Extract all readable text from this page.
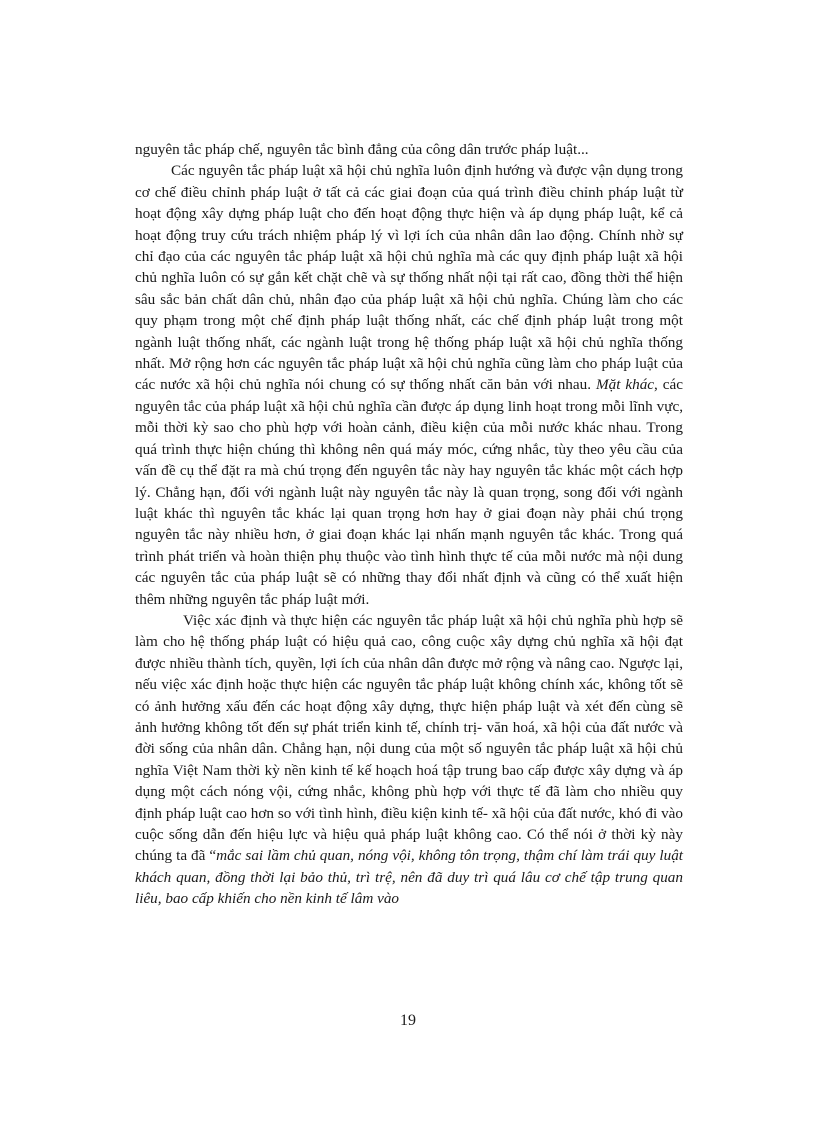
nguyên tắc pháp chế, nguyên tắc bình đẳng của công dân trước pháp luật...

Các nguyên tắc pháp luật xã hội chủ nghĩa luôn định hướng và được vận dụng trong cơ chế điều chỉnh pháp luật ở tất cả các giai đoạn của quá trình điều chỉnh pháp luật từ hoạt động xây dựng pháp luật cho đến hoạt động thực hiện và áp dụng pháp luật, kể cả hoạt động truy cứu trách nhiệm pháp lý vì lợi ích của nhân dân lao động. Chính nhờ sự chỉ đạo của các nguyên tắc pháp luật xã hội chủ nghĩa mà các quy định pháp luật xã hội chủ nghĩa luôn có sự gắn kết chặt chẽ và sự thống nhất nội tại rất cao, đồng thời thể hiện sâu sắc bản chất dân chủ, nhân đạo của pháp luật xã hội chủ nghĩa. Chúng làm cho các quy phạm trong một chế định pháp luật thống nhất, các chế định pháp luật trong một ngành luật thống nhất, các ngành luật trong hệ thống pháp luật xã hội chủ nghĩa thống nhất. Mở rộng hơn các nguyên tắc pháp luật xã hội chủ nghĩa cũng làm cho pháp luật của các nước xã hội chủ nghĩa nói chung có sự thống nhất căn bản với nhau. Mặt khác, các nguyên tắc của pháp luật xã hội chủ nghĩa cần được áp dụng linh hoạt trong mỗi lĩnh vực, mỗi thời kỳ sao cho phù hợp với hoàn cảnh, điều kiện của mỗi nước khác nhau. Trong quá trình thực hiện chúng thì không nên quá máy móc, cứng nhắc, tùy theo yêu cầu của vấn đề cụ thể đặt ra mà chú trọng đến nguyên tắc này hay nguyên tắc khác một cách hợp lý. Chẳng hạn, đối với ngành luật này nguyên tắc này là quan trọng, song đối với ngành luật khác thì nguyên tắc khác lại quan trọng hơn hay ở giai đoạn này phải chú trọng nguyên tắc này nhiều hơn, ở giai đoạn khác lại nhấn mạnh nguyên tắc khác. Trong quá trình phát triển và hoàn thiện phụ thuộc vào tình hình thực tế của mỗi nước mà nội dung các nguyên tắc của pháp luật sẽ có những thay đổi nhất định và cũng có thể xuất hiện thêm những nguyên tắc pháp luật mới.

Việc xác định và thực hiện các nguyên tắc pháp luật xã hội chủ nghĩa phù hợp sẽ làm cho hệ thống pháp luật có hiệu quả cao, công cuộc xây dựng chủ nghĩa xã hội đạt được nhiều thành tích, quyền, lợi ích của nhân dân được mở rộng và nâng cao. Ngược lại, nếu việc xác định hoặc thực hiện các nguyên tắc pháp luật không chính xác, không tốt sẽ có ảnh hưởng xấu đến các hoạt động xây dựng, thực hiện pháp luật và xét đến cùng sẽ ảnh hưởng không tốt đến sự phát triển kinh tế, chính trị- văn hoá, xã hội của đất nước và đời sống của nhân dân. Chẳng hạn, nội dung của một số nguyên tắc pháp luật xã hội chủ nghĩa Việt Nam thời kỳ nền kinh tế kế hoạch hoá tập trung bao cấp được xây dựng và áp dụng một cách nóng vội, cứng nhắc, không phù hợp với thực tế đã làm cho nhiều quy định pháp luật cao hơn so với tình hình, điều kiện kinh tế- xã hội của đất nước, khó đi vào cuộc sống dẫn đến hiệu lực và hiệu quả pháp luật không cao. Có thể nói ở thời kỳ này chúng ta đã “mắc sai lầm chủ quan, nóng vội, không tôn trọng, thậm chí làm trái quy luật khách quan, đồng thời lại bảo thủ, trì trệ, nên đã duy trì quá lâu cơ chế tập trung quan liêu, bao cấp khiến cho nền kinh tế lâm vào

19
